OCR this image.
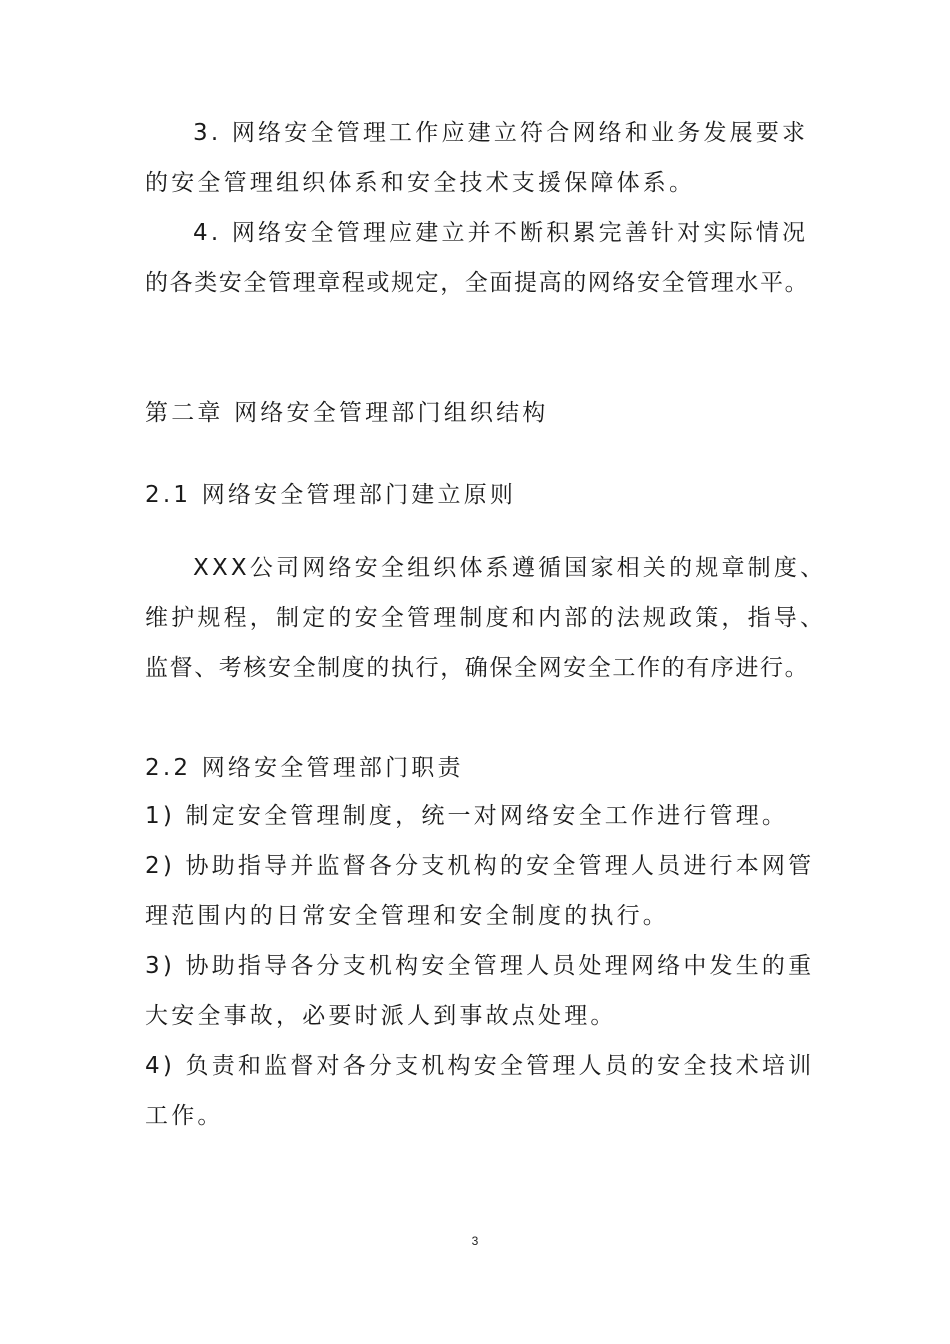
3. 网络安全管理工作应建立符合网络和业务发展要求
的安全管理组织体系和安全技术支援保障体系。
4. 网络安全管理应建立并不断积累完善针对实际情况
的各类安全管理章程或规定，全面提高的网络安全管理水平。
第二章 网络安全管理部门组织结构
2.1 网络安全管理部门建立原则
XXX公司网络安全组织体系遵循国家相关的规章制度、
维护规程，制定的安全管理制度和内部的法规政策，指导、
监督、考核安全制度的执行，确保全网安全工作的有序进行。
2.2 网络安全管理部门职责
1) 制定安全管理制度，统一对网络安全工作进行管理。
2) 协助指导并监督各分支机构的安全管理人员进行本网管
理范围内的日常安全管理和安全制度的执行。
3) 协助指导各分支机构安全管理人员处理网络中发生的重
大安全事故，必要时派人到事故点处理。
4) 负责和监督对各分支机构安全管理人员的安全技术培训
工作。
3
